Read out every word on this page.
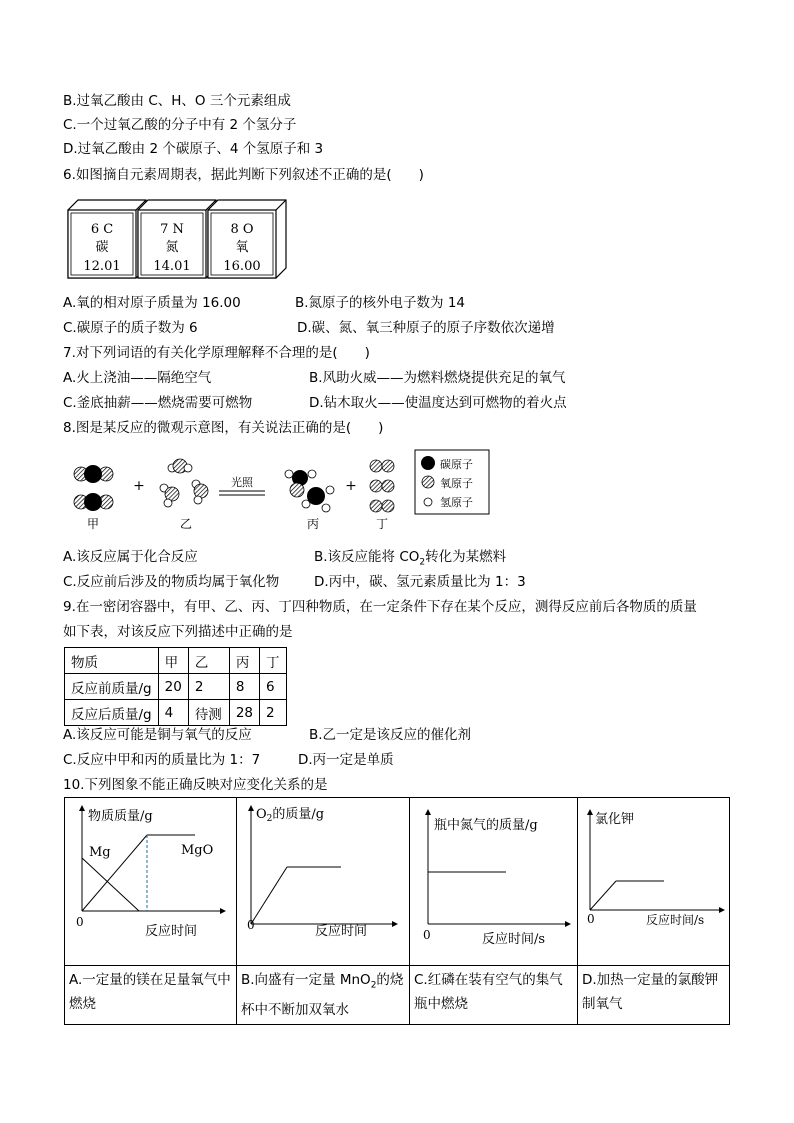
B.过氧乙酸由 C、H、O 三个元素组成
C.一个过氧乙酸的分子中有 2 个氢分子
D.过氧乙酸由 2 个碳原子、4 个氢原子和 3
6.如图摘自元素周期表，据此判断下列叙述不正确的是(　　)
6 C
碳
12.01
7 N
氮
14.01
8 O
氧
16.00
A.氧的相对原子质量为 16.00	B.氮原子的核外电子数为 14
C.碳原子的质子数为 6	D.碳、氮、氧三种原子的原子序数依次递增
7.对下列词语的有关化学原理解释不合理的是(　　)
A.火上浇油——隔绝空气	B.风助火威——为燃料燃烧提供充足的氧气
C.釜底抽薪——燃烧需要可燃物	D.钻木取火——使温度达到可燃物的着火点
8.图是某反应的微观示意图，有关说法正确的是(　　)
甲
+
乙
光照
丙
+
丁
碳原子
氧原子
氢原子
A.该反应属于化合反应	B.该反应能将 $CO_2$转化为某燃料
C.反应前后涉及的物质均属于氧化物	D.丙中，碳、氢元素质量比为 1：3
9.在一密闭容器中，有甲、乙、丙、丁四种物质，在一定条件下存在某个反应，测得反应前后各物质的质量
如下表，对该反应下列描述中正确的是
物质	甲	乙	丙	丁
反应前质量/g	20	2	8	6
反应后质量/g	4	待测	28	2
A.该反应可能是铜与氧气的反应	B.乙一定是该反应的催化剂
C.反应中甲和丙的质量比为 1：7	D.丙一定是单质
10.下列图象不能正确反映对应变化关系的是
物质质量/g
Mg MgO
0
反应时间	$O_2$的质量/g
0 反应时间	瓶中氮气的质量/g
0 反应时间/s	氯化钾
0 反应时间/s

A.一定量的镁在足量氧气中燃烧	B.向盛有一定量 MnO$_2$的烧杯中不断加双氧水	C.红磷在装有空气的集气瓶中燃烧	D.加热一定量的氯酸钾制氧气
